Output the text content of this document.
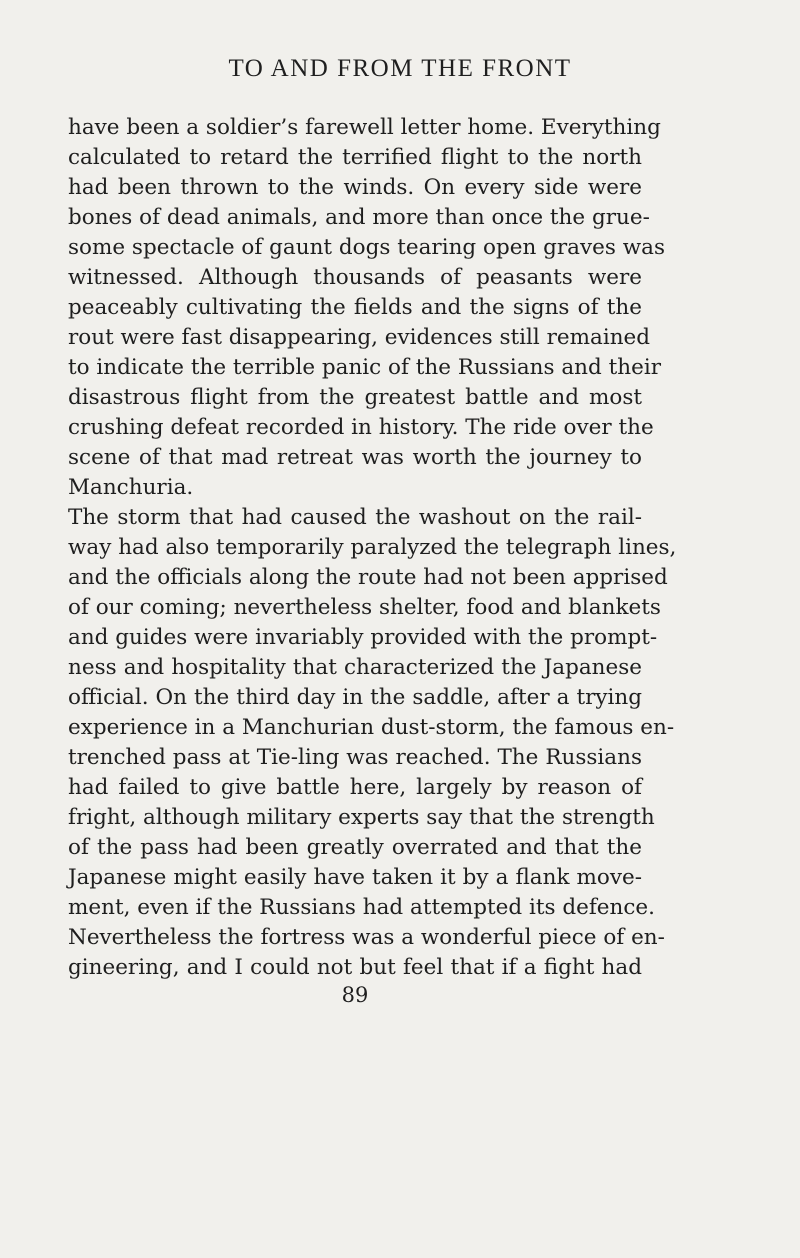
TO AND FROM THE FRONT
have been a soldier’s farewell letter home. Everything
calculated to retard the terrified flight to the north
had been thrown to the winds. On every side were
bones of dead animals, and more than once the grue-
some spectacle of gaunt dogs tearing open graves was
witnessed. Although thousands of peasants were
peaceably cultivating the fields and the signs of the
rout were fast disappearing, evidences still remained
to indicate the terrible panic of the Russians and their
disastrous flight from the greatest battle and most
crushing defeat recorded in history. The ride over the
scene of that mad retreat was worth the journey to
Manchuria.
The storm that had caused the washout on the rail-
way had also temporarily paralyzed the telegraph lines,
and the officials along the route had not been apprised
of our coming; nevertheless shelter, food and blankets
and guides were invariably provided with the prompt-
ness and hospitality that characterized the Japanese
official. On the third day in the saddle, after a trying
experience in a Manchurian dust-storm, the famous en-
trenched pass at Tie-ling was reached. The Russians
had failed to give battle here, largely by reason of
fright, although military experts say that the strength
of the pass had been greatly overrated and that the
Japanese might easily have taken it by a flank move-
ment, even if the Russians had attempted its defence.
Nevertheless the fortress was a wonderful piece of en-
gineering, and I could not but feel that if a fight had
89
